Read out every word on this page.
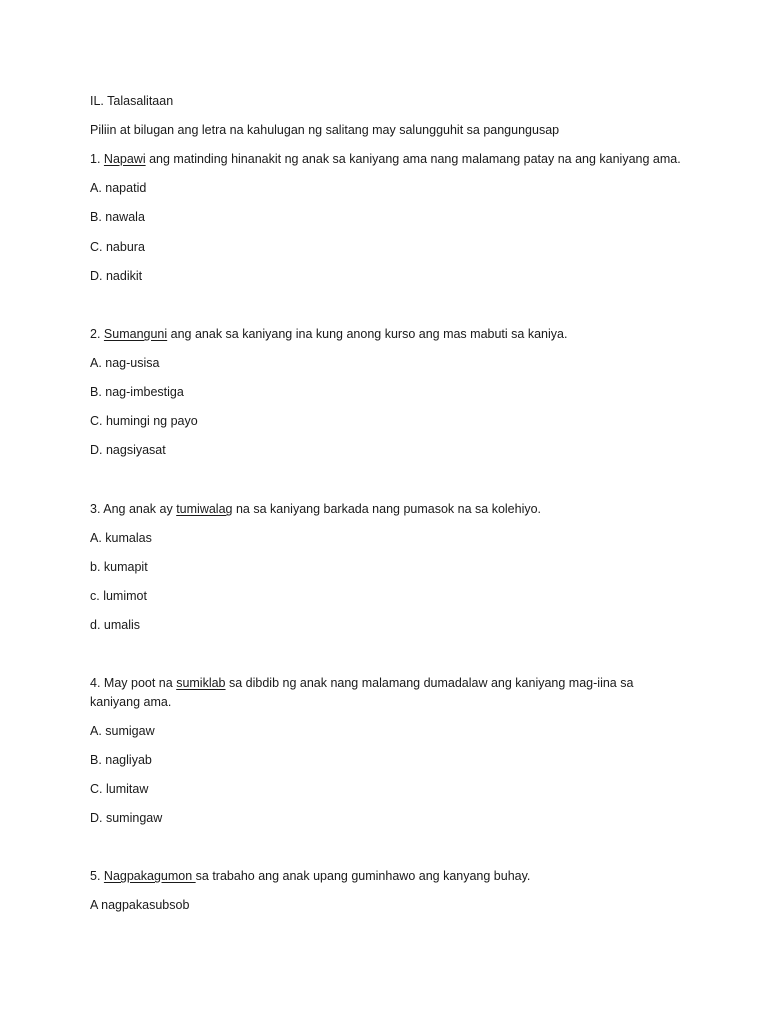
IL. Talasalitaan
Piliin at bilugan ang letra na kahulugan ng salitang may salungguhit sa pangungusap
1. Napawi ang matinding hinanakit ng anak sa kaniyang ama nang malamang patay na ang kaniyang ama.
A. napatid
B. nawala
C. nabura
D. nadikit
2. Sumanguni ang anak sa kaniyang ina kung anong kurso ang mas mabuti sa kaniya.
A. nag-usisa
B. nag-imbestiga
C. humingi ng payo
D. nagsiyasat
3. Ang anak ay tumiwalag na sa kaniyang barkada nang pumasok na sa kolehiyo.
A. kumalas
b. kumapit
c. lumimot
d. umalis
4. May poot na sumiklab sa dibdib ng anak nang malamang dumadalaw ang kaniyang mag-iina sa
kaniyang ama.
A. sumigaw
B. nagliyab
C. lumitaw
D. sumingaw
5. Nagpakagumon sa trabaho ang anak upang guminhawo ang kanyang buhay.
A nagpakasubsob
